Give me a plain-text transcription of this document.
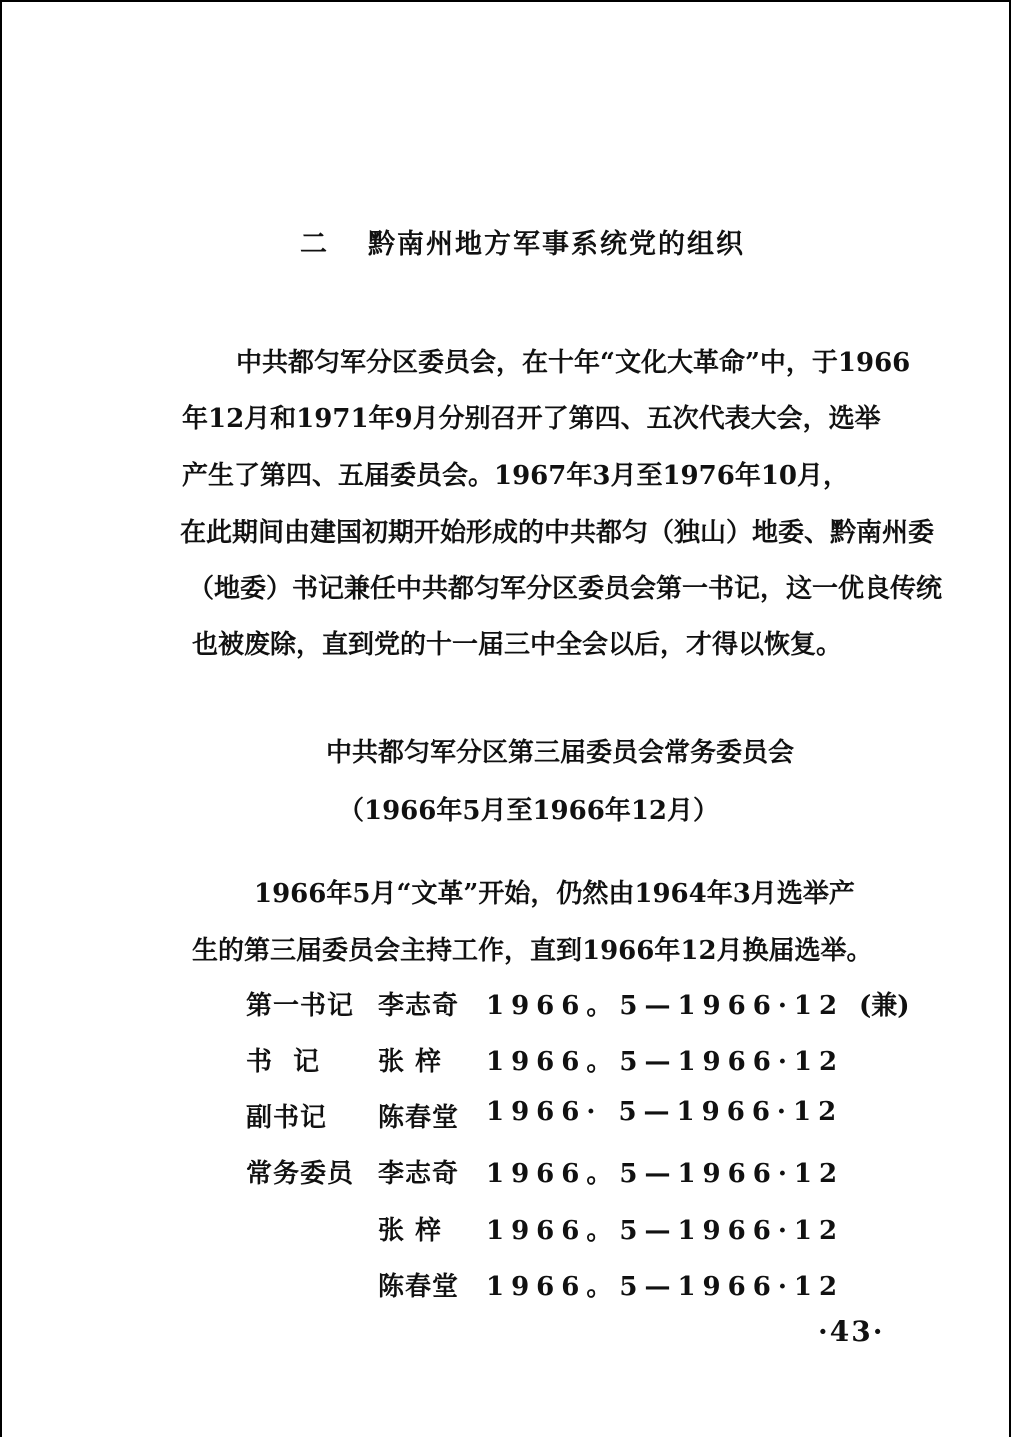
二 黔南州地方军事系统党的组织
中共都匀军分区委员会，在十年“文化大革命”中，于1966
年12月和1971年9月分别召开了第四、五次代表大会，选举
产生了第四、五届委员会。1967年3月至1976年10月，
在此期间由建国初期开始形成的中共都匀（独山）地委、黔南州委
（地委）书记兼任中共都匀军分区委员会第一书记，这一优良传统
也被废除，直到党的十一届三中全会以后，才得以恢复。
中共都匀军分区第三届委员会常务委员会
（1966年5月至1966年12月）
1966年5月“文革”开始，仍然由1964年3月选举产
生的第三届委员会主持工作，直到1966年12月换届选举。
第一书记 李志奇	1966。5—1966·12 (兼)
书  记	张 梓	1966。5—1966·12
副书记	陈春堂	1966· 5—1966·12
常务委员 李志奇	1966。5—1966·12
张 梓	1966。5—1966·12
陈春堂	1966。5—1966·12
·43·
